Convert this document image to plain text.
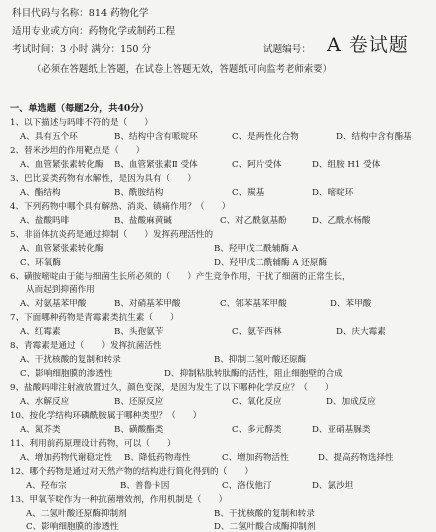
科目代码与名称：814 药物化学
适用专业或方向：药物化学或制药工程
考试时间：3 小时 满分：150 分	试题编号： A 卷试题
（必须在答题纸上答题，在试卷上答题无效，答题纸可向监考老师索要）
一、单选题（每题2分，共40分）
1、以下描述与吗啡不符的是（　　）
A、具有五个环	B、结构中含有哌啶环	C、是两性化合物	D、结构中含有酯基
2、替米沙坦的作用靶点是（　　）
A、血管紧张素转化酶 B、血管紧张素Ⅱ 受体	C、阿片受体	D、组胺 H1 受体
3、巴比妥类药物有水解性，是因为具有（　　）
A、酯结构	B、酰胺结构	C、羰基	D、嘧啶环
4、下列药物中哪个具有解热、消炎、镇痛作用？（　　）
A、盐酸吗啡	B、盐酸麻黄碱	C、对乙酰氨基酚	D、乙酰水杨酸
5、非甾体抗炎药是通过抑制（　　）发挥药理活性的
A、血管紧张素转化酶	B、羟甲戊二酰辅酶 A
C、环氧酶	D、羟甲戊二酰辅酶 A 还原酶
6、磺胺嘧啶由于能与细菌生长所必须的（　　）产生竞争作用，干扰了细菌的正常生长，
从而起到抑菌作用
A、对氨基苯甲酸	B、对硝基苯甲酸	C、邻苯基苯甲酸	D、苯甲酸
7、下面哪种药物是青霉素类抗生素（　　）
A、红霉素	B、头孢氨苄	C、氨苄西林	D、庆大霉素
8、青霉素是通过（　　）发挥抗菌活性
A、干扰核酸的复制和转录	B、抑制二氢叶酸还原酶
C、影响细胞膜的渗透性	D、抑制粘肽转肽酶的活性，阻止细胞壁的合成
9、盐酸吗啡注射液放置过久，颜色变深，是因为发生了以下哪种化学反应？（　　）
A、水解反应	B、还原反应	C、氧化反应	D、加成反应
10、按化学结构环磷酰胺属于哪种类型？（　　）
A、氮芥类	B、磺酸酯类	C、多元醇类	D、亚硝基脲类
11、利用前药原理设计药物，可以（　　）
A、增加药物代谢稳定性 B、降低药物毒性	C、增加药物活性	D、提高药物选择性
12、哪个药物是通过对天然产物的结构进行简化得到的（　　）
A、羟布宗	B、普鲁卡因	C、洛伐他汀	D、氯沙坦
13、甲氧苄啶作为一种抗菌增效剂，作用机制是（　　）
A、二氢叶酸还原酶抑制剂	B、干扰核酸的复制和转录
C、影响细胞膜的渗透性	D、二氢叶酸合成酶抑制剂
